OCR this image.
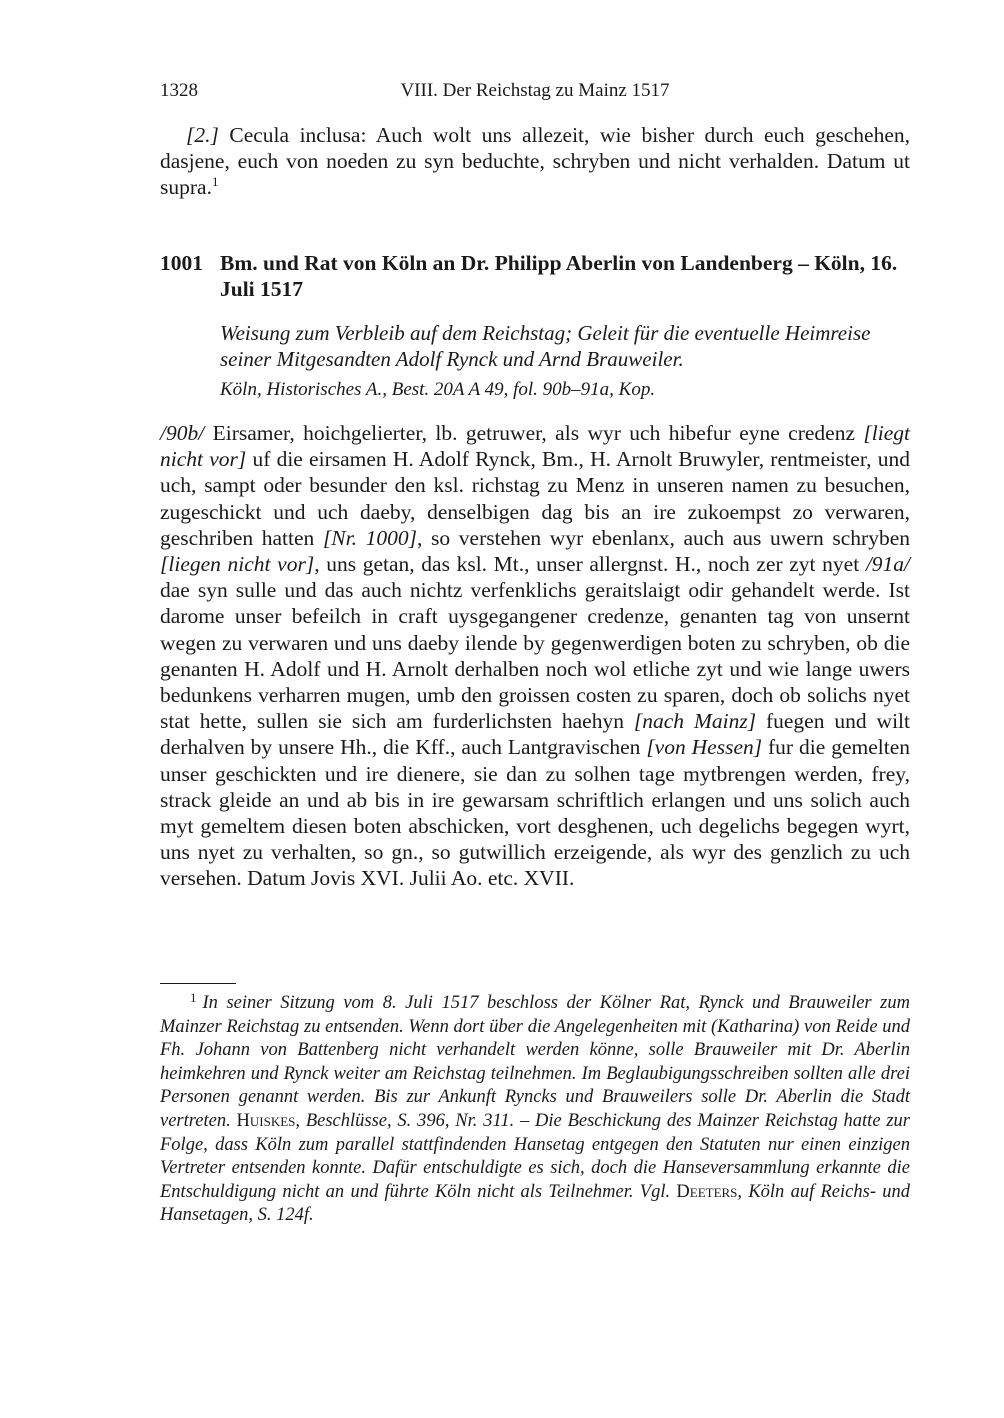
1328	VIII. Der Reichstag zu Mainz 1517

[2.] Cecula inclusa: Auch wolt uns allezeit, wie bisher durch euch geschehen, dasjene, euch von noeden zu syn beduchte, schryben und nicht verhalden. Datum ut supra.$^1$

1001 Bm. und Rat von Köln an Dr. Philipp Aberlin von Landenberg – Köln, 16. Juli 1517
Weisung zum Verbleib auf dem Reichstag; Geleit für die eventuelle Heimreise seiner Mitgesandten Adolf Rynck und Arnd Brauweiler.
Köln, Historisches A., Best. 20A A 49, fol. 90b–91a, Kop.

/90b/ Eirsamer, hoichgelierter, lb. getruwer, als wyr uch hibefur eyne credenz [liegt nicht vor] uf die eirsamen H. Adolf Rynck, Bm., H. Arnolt Bruwyler, rentmeister, und uch, sampt oder besunder den ksl. richstag zu Menz in unseren namen zu besuchen, zugeschickt und uch daeby, denselbigen dag bis an ire zukoempst zo verwaren, geschriben hatten [Nr. 1000], so verstehen wyr ebenlanx, auch aus uwern schryben [liegen nicht vor], uns getan, das ksl. Mt., unser allergnst. H., noch zer zyt nyet /91a/ dae syn sulle und das auch nichtz verfenklichs geraitslaigt odir gehandelt werde. Ist darome unser befeilch in craft uysgegangener credenze, genanten tag von unsernt wegen zu verwaren und uns daeby ilende by gegenwerdigen boten zu schryben, ob die genanten H. Adolf und H. Arnolt derhalben noch wol etliche zyt und wie lange uwers bedunkens verharren mugen, umb den groissen costen zu sparen, doch ob solichs nyet stat hette, sullen sie sich am furderlichsten haehyn [nach Mainz] fuegen und wilt derhalven by unsere Hh., die Kff., auch Lantgravischen [von Hessen] fur die gemelten unser geschickten und ire dienere, sie dan zu solhen tage mytbrengen werden, frey, strack gleide an und ab bis in ire gewarsam schriftlich erlangen und uns solich auch myt gemeltem diesen boten abschicken, vort desghenen, uch degelichs begegen wyrt, uns nyet zu verhalten, so gn., so gutwillich erzeigende, als wyr des genzlich zu uch versehen. Datum Jovis XVI. Julii Ao. etc. XVII.

$^1$ In seiner Sitzung vom 8. Juli 1517 beschloss der Kölner Rat, Rynck und Brauweiler zum Mainzer Reichstag zu entsenden. Wenn dort über die Angelegenheiten mit (Katharina) von Reide und Fh. Johann von Battenberg nicht verhandelt werden könne, solle Brauweiler mit Dr. Aberlin heimkehren und Rynck weiter am Reichstag teilnehmen. Im Beglaubigungsschreiben sollten alle drei Personen genannt werden. Bis zur Ankunft Ryncks und Brauweilers solle Dr. Aberlin die Stadt vertreten. Huiskes, Beschlüsse, S. 396, Nr. 311. – Die Beschickung des Mainzer Reichstag hatte zur Folge, dass Köln zum parallel stattfindenden Hansetag entgegen den Statuten nur einen einzigen Vertreter entsenden konnte. Dafür entschuldigte es sich, doch die Hanseversammlung erkannte die Entschuldigung nicht an und führte Köln nicht als Teilnehmer. Vgl. Deeters, Köln auf Reichs- und Hansetagen, S. 124f.
